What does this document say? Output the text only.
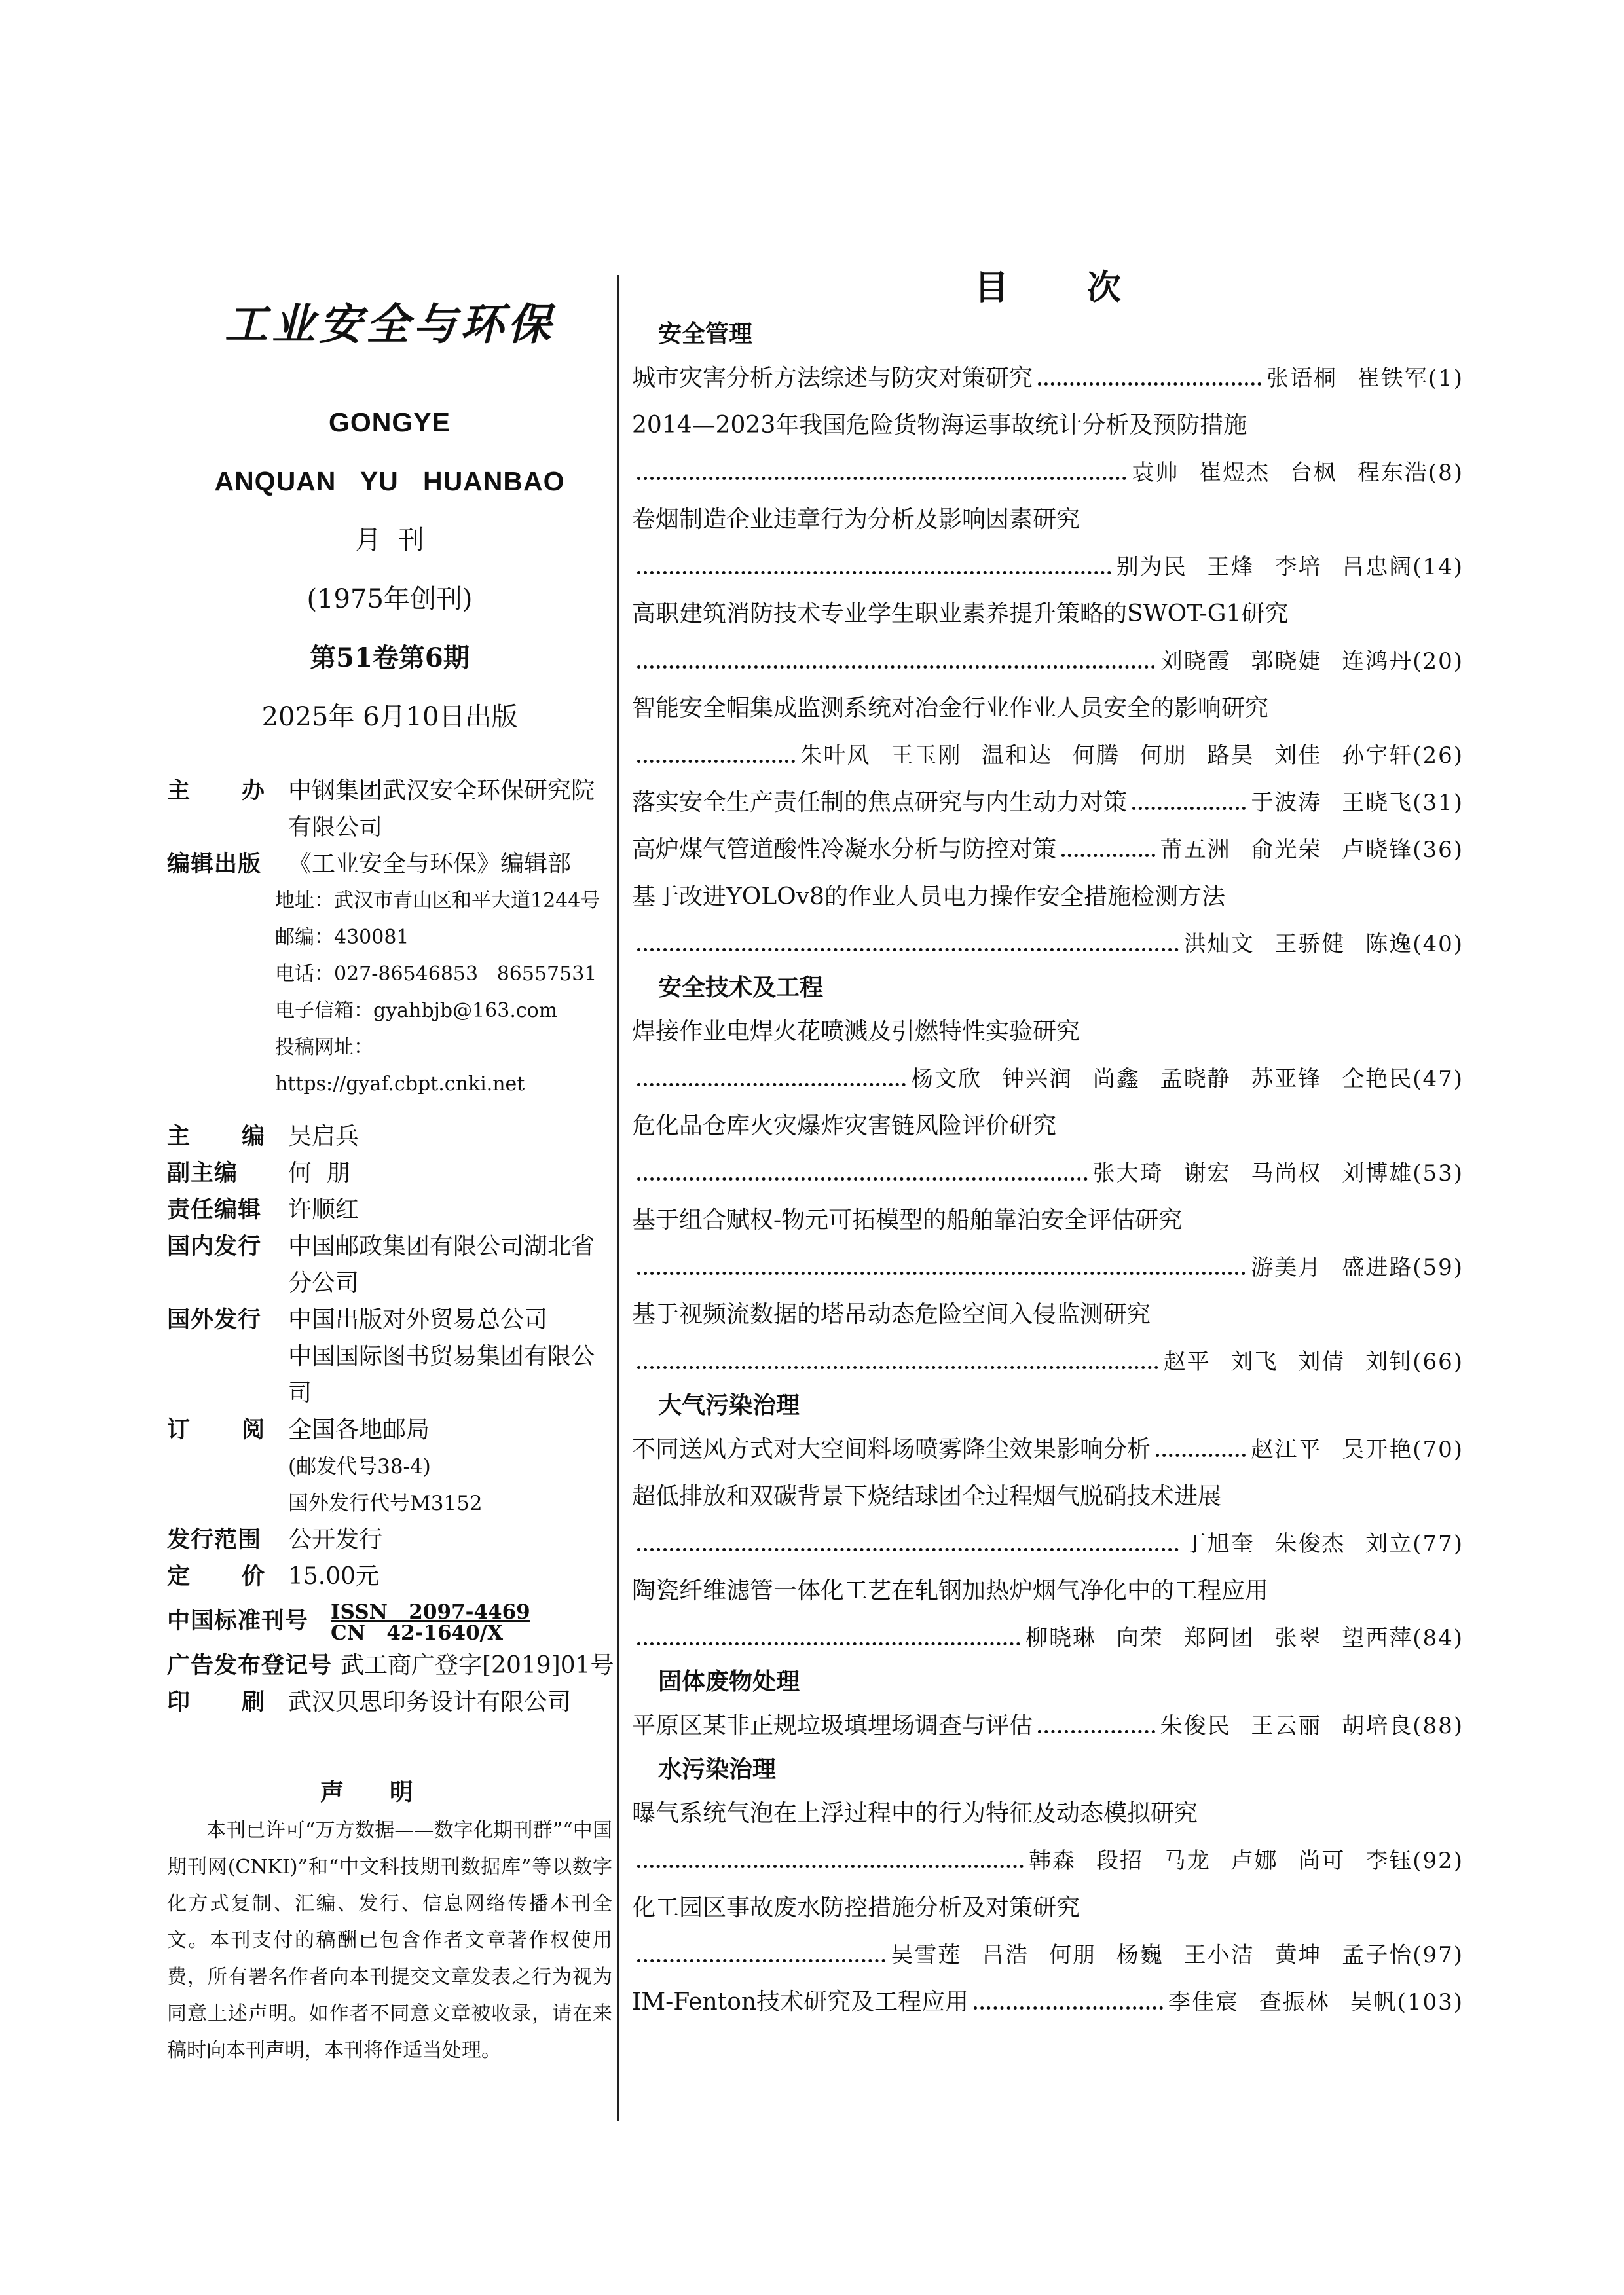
工业安全与环保
GONGYE
ANQUAN   YU   HUANBAO
月  刊
(1975年创刊)
第51卷第6期
2025年 6月10日出版
主 办 中钢集团武汉安全环保研究院
有限公司
编辑出版	《工业安全与环保》编辑部
地址：武汉市青山区和平大道1244号
邮编：430081
电话：027-86546853   86557531
电子信箱：gyahbjb@163.com
投稿网址：https://gyaf.cbpt.cnki.net
主 编 吴启兵
副主编	何  朋
责任编辑	许顺红
国内发行	中国邮政集团有限公司湖北省
分公司
国外发行	中国出版对外贸易总公司
中国国际图书贸易集团有限公司
订 阅 全国各地邮局
(邮发代号38-4)
国外发行代号M3152
发行范围	公开发行
定 价 15.00元
中国标准刊号	ISSN   2097-4469
CN   42-1640/X
广告发布登记号 武工商广登字[2019]01号
印 刷 武汉贝思印务设计有限公司
声明
本刊已许可“万方数据——数字化期刊群”“中国期刊网(CNKI)”和“中文科技期刊数据库”等以数字化方式复制、汇编、发行、信息网络传播本刊全文。本刊支付的稿酬已包含作者文章著作权使用费，所有署名作者向本刊提交文章发表之行为视为同意上述声明。如作者不同意文章被收录，请在来稿时向本刊声明，本刊将作适当处理。
目次
安全管理
城市灾害分析方法综述与防灾对策研究	张语桐 崔铁军(1)
2014—2023年我国危险货物海运事故统计分析及预防措施
袁帅 崔煜杰 台枫 程东浩(8)
卷烟制造企业违章行为分析及影响因素研究
别为民 王烽 李培 吕忠阔(14)
高职建筑消防技术专业学生职业素养提升策略的SWOT-G1研究
刘晓霞 郭晓婕 连鸿丹(20)
智能安全帽集成监测系统对冶金行业作业人员安全的影响研究
朱叶风 王玉刚 温和达 何腾 何朋 路昊 刘佳 孙宇轩(26)
落实安全生产责任制的焦点研究与内生动力对策	于波涛 王晓飞(31)
高炉煤气管道酸性冷凝水分析与防控对策	莆五洲 俞光荣 卢晓锋(36)
基于改进YOLOv8的作业人员电力操作安全措施检测方法
洪灿文 王骄健 陈逸(40)
安全技术及工程
焊接作业电焊火花喷溅及引燃特性实验研究
杨文欣 钟兴润 尚鑫 孟晓静 苏亚锋 仝艳民(47)
危化品仓库火灾爆炸灾害链风险评价研究
张大琦 谢宏 马尚权 刘博雄(53)
基于组合赋权-物元可拓模型的船舶靠泊安全评估研究
游美月 盛进路(59)
基于视频流数据的塔吊动态危险空间入侵监测研究
赵平 刘飞 刘倩 刘钊(66)
大气污染治理
不同送风方式对大空间料场喷雾降尘效果影响分析	赵江平 吴开艳(70)
超低排放和双碳背景下烧结球团全过程烟气脱硝技术进展
丁旭奎 朱俊杰 刘立(77)
陶瓷纤维滤管一体化工艺在轧钢加热炉烟气净化中的工程应用
柳晓琳 向荣 郑阿团 张翠 望西萍(84)
固体废物处理
平原区某非正规垃圾填埋场调查与评估	朱俊民 王云丽 胡培良(88)
水污染治理
曝气系统气泡在上浮过程中的行为特征及动态模拟研究
韩森 段招 马龙 卢娜 尚可 李钰(92)
化工园区事故废水防控措施分析及对策研究
吴雪莲 吕浩 何朋 杨巍 王小洁 黄坤 孟子怡(97)
IM-Fenton技术研究及工程应用	李佳宸 查振林 吴帆(103)
